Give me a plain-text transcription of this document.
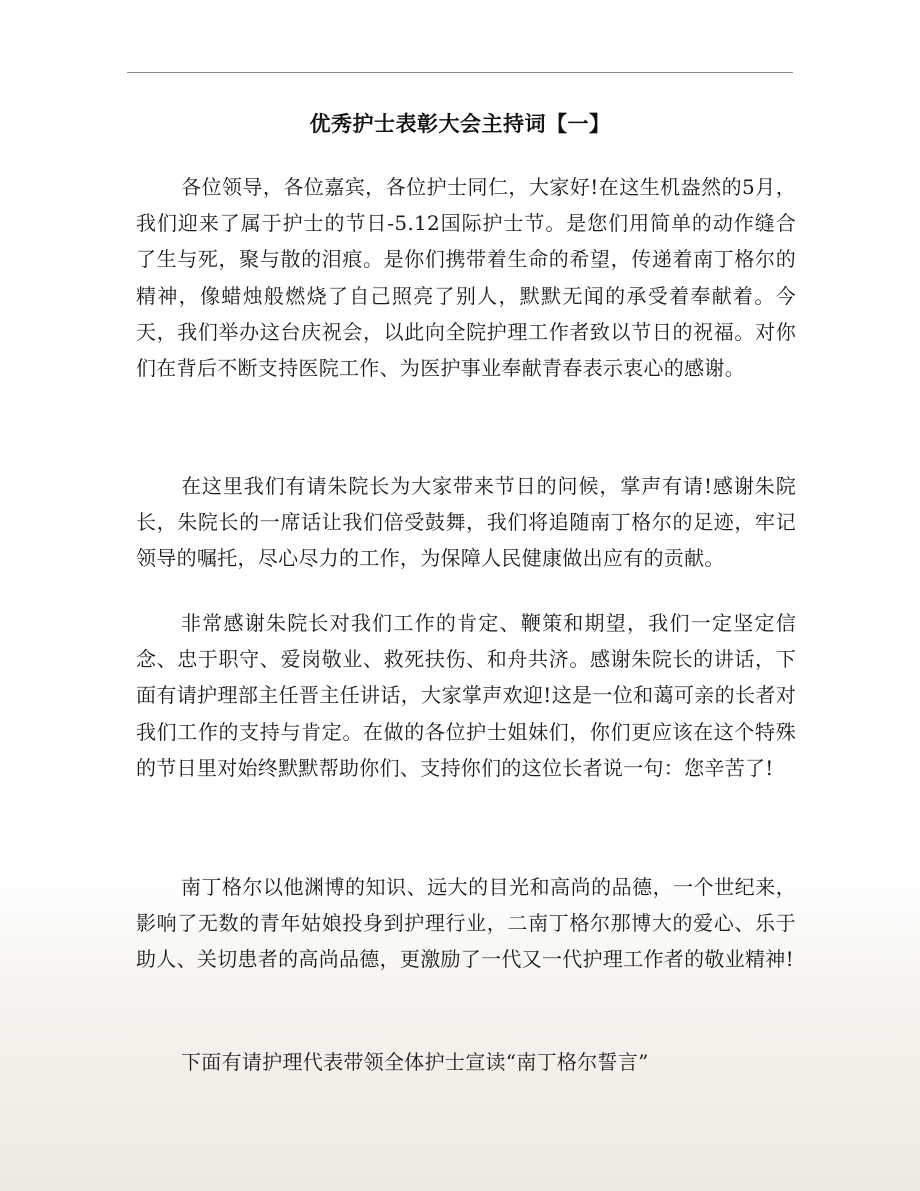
优秀护士表彰大会主持词【一】

各位领导，各位嘉宾，各位护士同仁，大家好!在这生机盎然的5月，我们迎来了属于护士的节日-5.12国际护士节。是您们用简单的动作缝合了生与死，聚与散的泪痕。是你们携带着生命的希望，传递着南丁格尔的精神，像蜡烛般燃烧了自己照亮了别人，默默无闻的承受着奉献着。今天，我们举办这台庆祝会，以此向全院护理工作者致以节日的祝福。对你们在背后不断支持医院工作、为医护事业奉献青春表示衷心的感谢。

在这里我们有请朱院长为大家带来节日的问候，掌声有请!感谢朱院长，朱院长的一席话让我们倍受鼓舞，我们将追随南丁格尔的足迹，牢记领导的嘱托，尽心尽力的工作，为保障人民健康做出应有的贡献。

非常感谢朱院长对我们工作的肯定、鞭策和期望，我们一定坚定信念、忠于职守、爱岗敬业、救死扶伤、和舟共济。感谢朱院长的讲话，下面有请护理部主任晋主任讲话，大家掌声欢迎!这是一位和蔼可亲的长者对我们工作的支持与肯定。在做的各位护士姐妹们，你们更应该在这个特殊的节日里对始终默默帮助你们、支持你们的这位长者说一句：您辛苦了!

南丁格尔以他渊博的知识、远大的目光和高尚的品德，一个世纪来，影响了无数的青年姑娘投身到护理行业，二南丁格尔那博大的爱心、乐于助人、关切患者的高尚品德，更激励了一代又一代护理工作者的敬业精神!

下面有请护理代表带领全体护士宣读“南丁格尔誓言”
